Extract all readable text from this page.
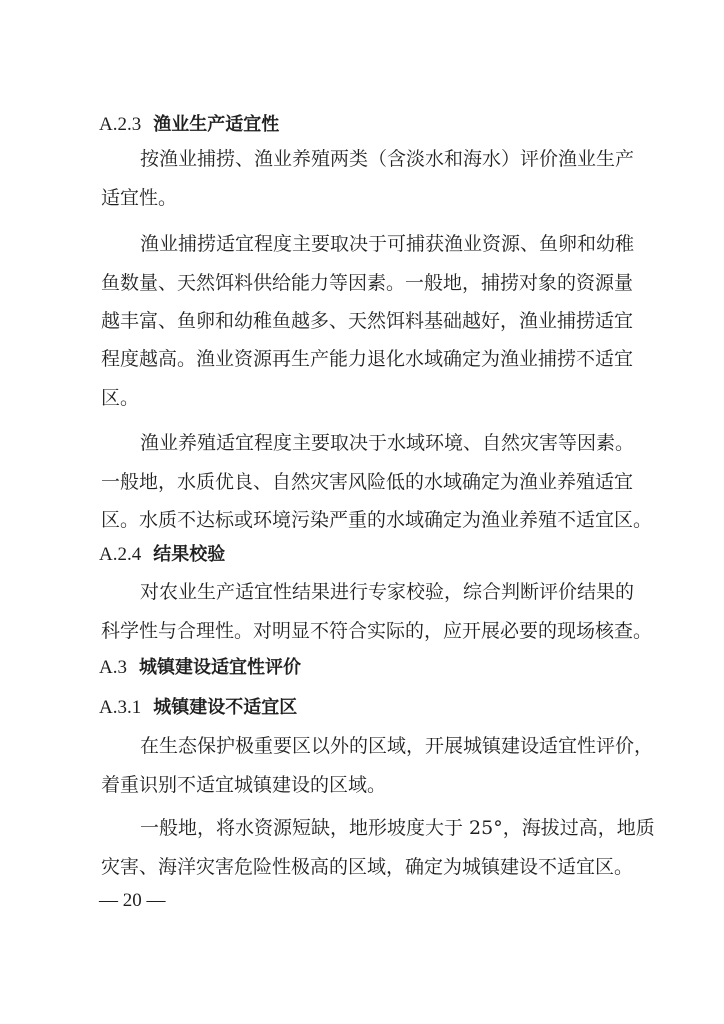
A.2.3 渔业生产适宜性
按渔业捕捞、渔业养殖两类（含淡水和海水）评价渔业生产
适宜性。
渔业捕捞适宜程度主要取决于可捕获渔业资源、鱼卵和幼稚
鱼数量、天然饵料供给能力等因素。一般地，捕捞对象的资源量
越丰富、鱼卵和幼稚鱼越多、天然饵料基础越好，渔业捕捞适宜
程度越高。渔业资源再生产能力退化水域确定为渔业捕捞不适宜
区。
渔业养殖适宜程度主要取决于水域环境、自然灾害等因素。
一般地，水质优良、自然灾害风险低的水域确定为渔业养殖适宜
区。水质不达标或环境污染严重的水域确定为渔业养殖不适宜区。
A.2.4 结果校验
对农业生产适宜性结果进行专家校验，综合判断评价结果的
科学性与合理性。对明显不符合实际的，应开展必要的现场核查。
A.3 城镇建设适宜性评价
A.3.1 城镇建设不适宜区
在生态保护极重要区以外的区域，开展城镇建设适宜性评价，
着重识别不适宜城镇建设的区域。
一般地，将水资源短缺，地形坡度大于 25°，海拔过高，地质
灾害、海洋灾害危险性极高的区域，确定为城镇建设不适宜区。
— 20 —
